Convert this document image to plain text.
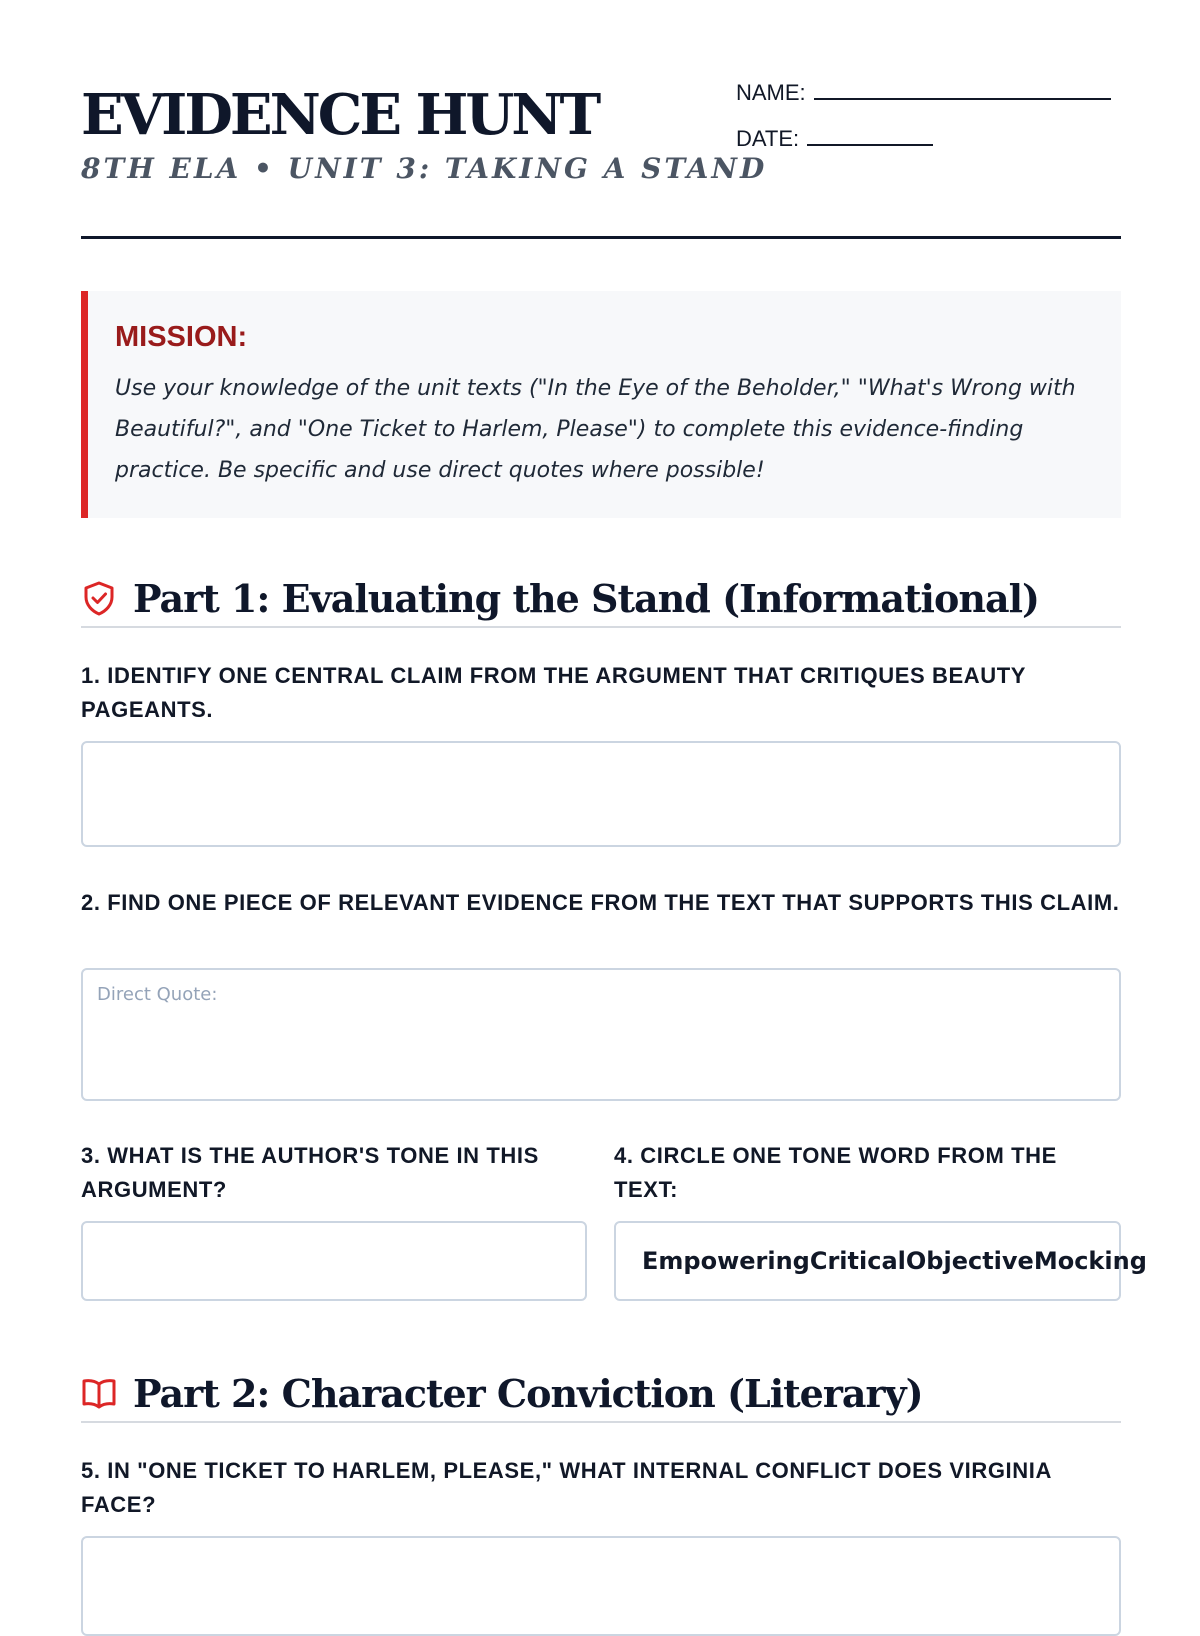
EVIDENCE HUNT
8TH ELA • UNIT 3: TAKING A STAND
NAME:
DATE:

MISSION:

Use your knowledge of the unit texts ("In the Eye of the Beholder," "What's Wrong with Beautiful?", and "One Ticket to Harlem, Please") to complete this evidence-finding practice. Be specific and use direct quotes where possible!

Part 1: Evaluating the Stand (Informational)

1. IDENTIFY ONE CENTRAL CLAIM FROM THE ARGUMENT THAT CRITIQUES BEAUTY PAGEANTS.

2. FIND ONE PIECE OF RELEVANT EVIDENCE FROM THE TEXT THAT SUPPORTS THIS CLAIM.

Direct Quote:

3. WHAT IS THE AUTHOR'S TONE IN THIS ARGUMENT?

4. CIRCLE ONE TONE WORD FROM THE TEXT:

Empowering Critical Objective Mocking
Part 2: Character Conviction (Literary)

5. IN "ONE TICKET TO HARLEM, PLEASE," WHAT INTERNAL CONFLICT DOES VIRGINIA FACE?
